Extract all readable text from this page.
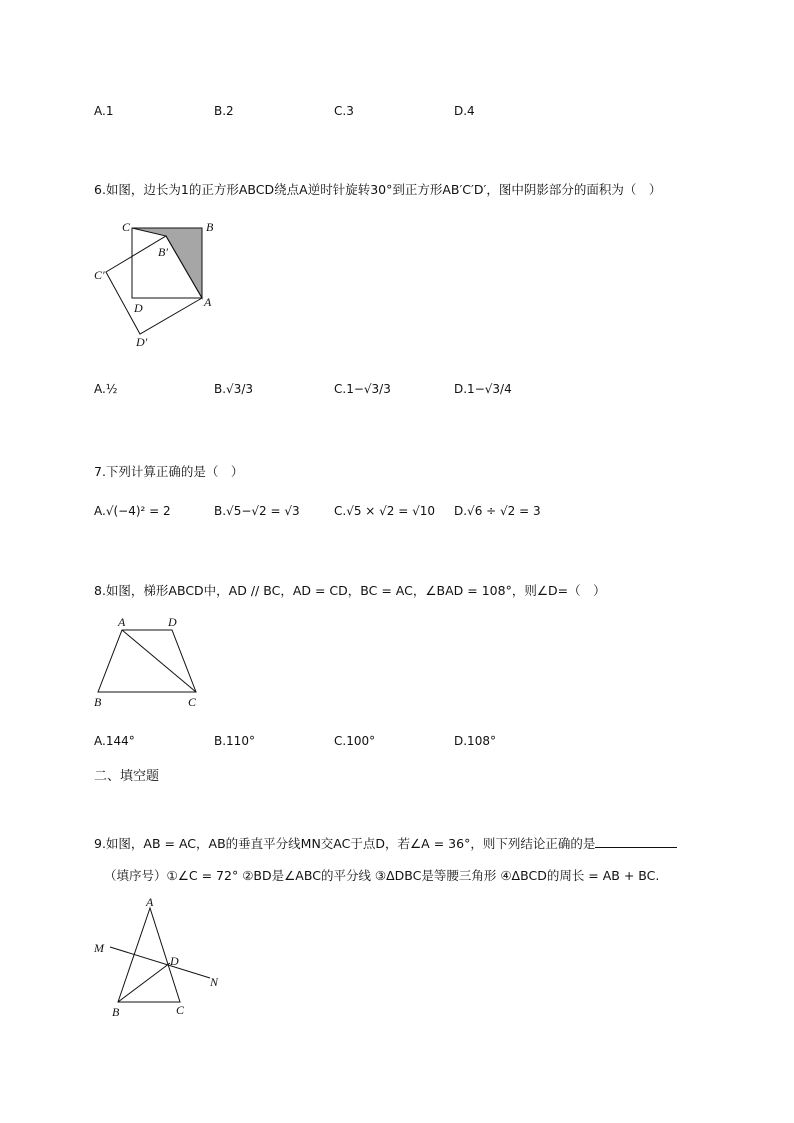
A.1	B.2	C.3	D.4
6.如图，边长为1的正方形ABCD绕点A逆时针旋转30°到正方形AB′C′D′，图中阴影部分的面积为（　）
C	B
B′
C′
D	A
D′
A.½	B.√3/3	C.1−√3/3	D.1−√3/4
7.下列计算正确的是（　）
A.√(−4)² = 2	B.√5−√2 = √3	C.√5 × √2 = √10 D.√6 ÷ √2 = 3
8.如图，梯形ABCD中，AD // BC，AD = CD，BC = AC，∠BAD = 108°，则∠D=（　）
A	D
B	C
A.144°	B.110°	C.100°	D.108°
二、填空题
9.如图，AB = AC，AB的垂直平分线MN交AC于点D，若∠A = 36°，则下列结论正确的是
（填序号）①∠C = 72° ②BD是∠ABC的平分线 ③ΔDBC是等腰三角形 ④ΔBCD的周长 = AB + BC.
A
M
D
N
B	C
